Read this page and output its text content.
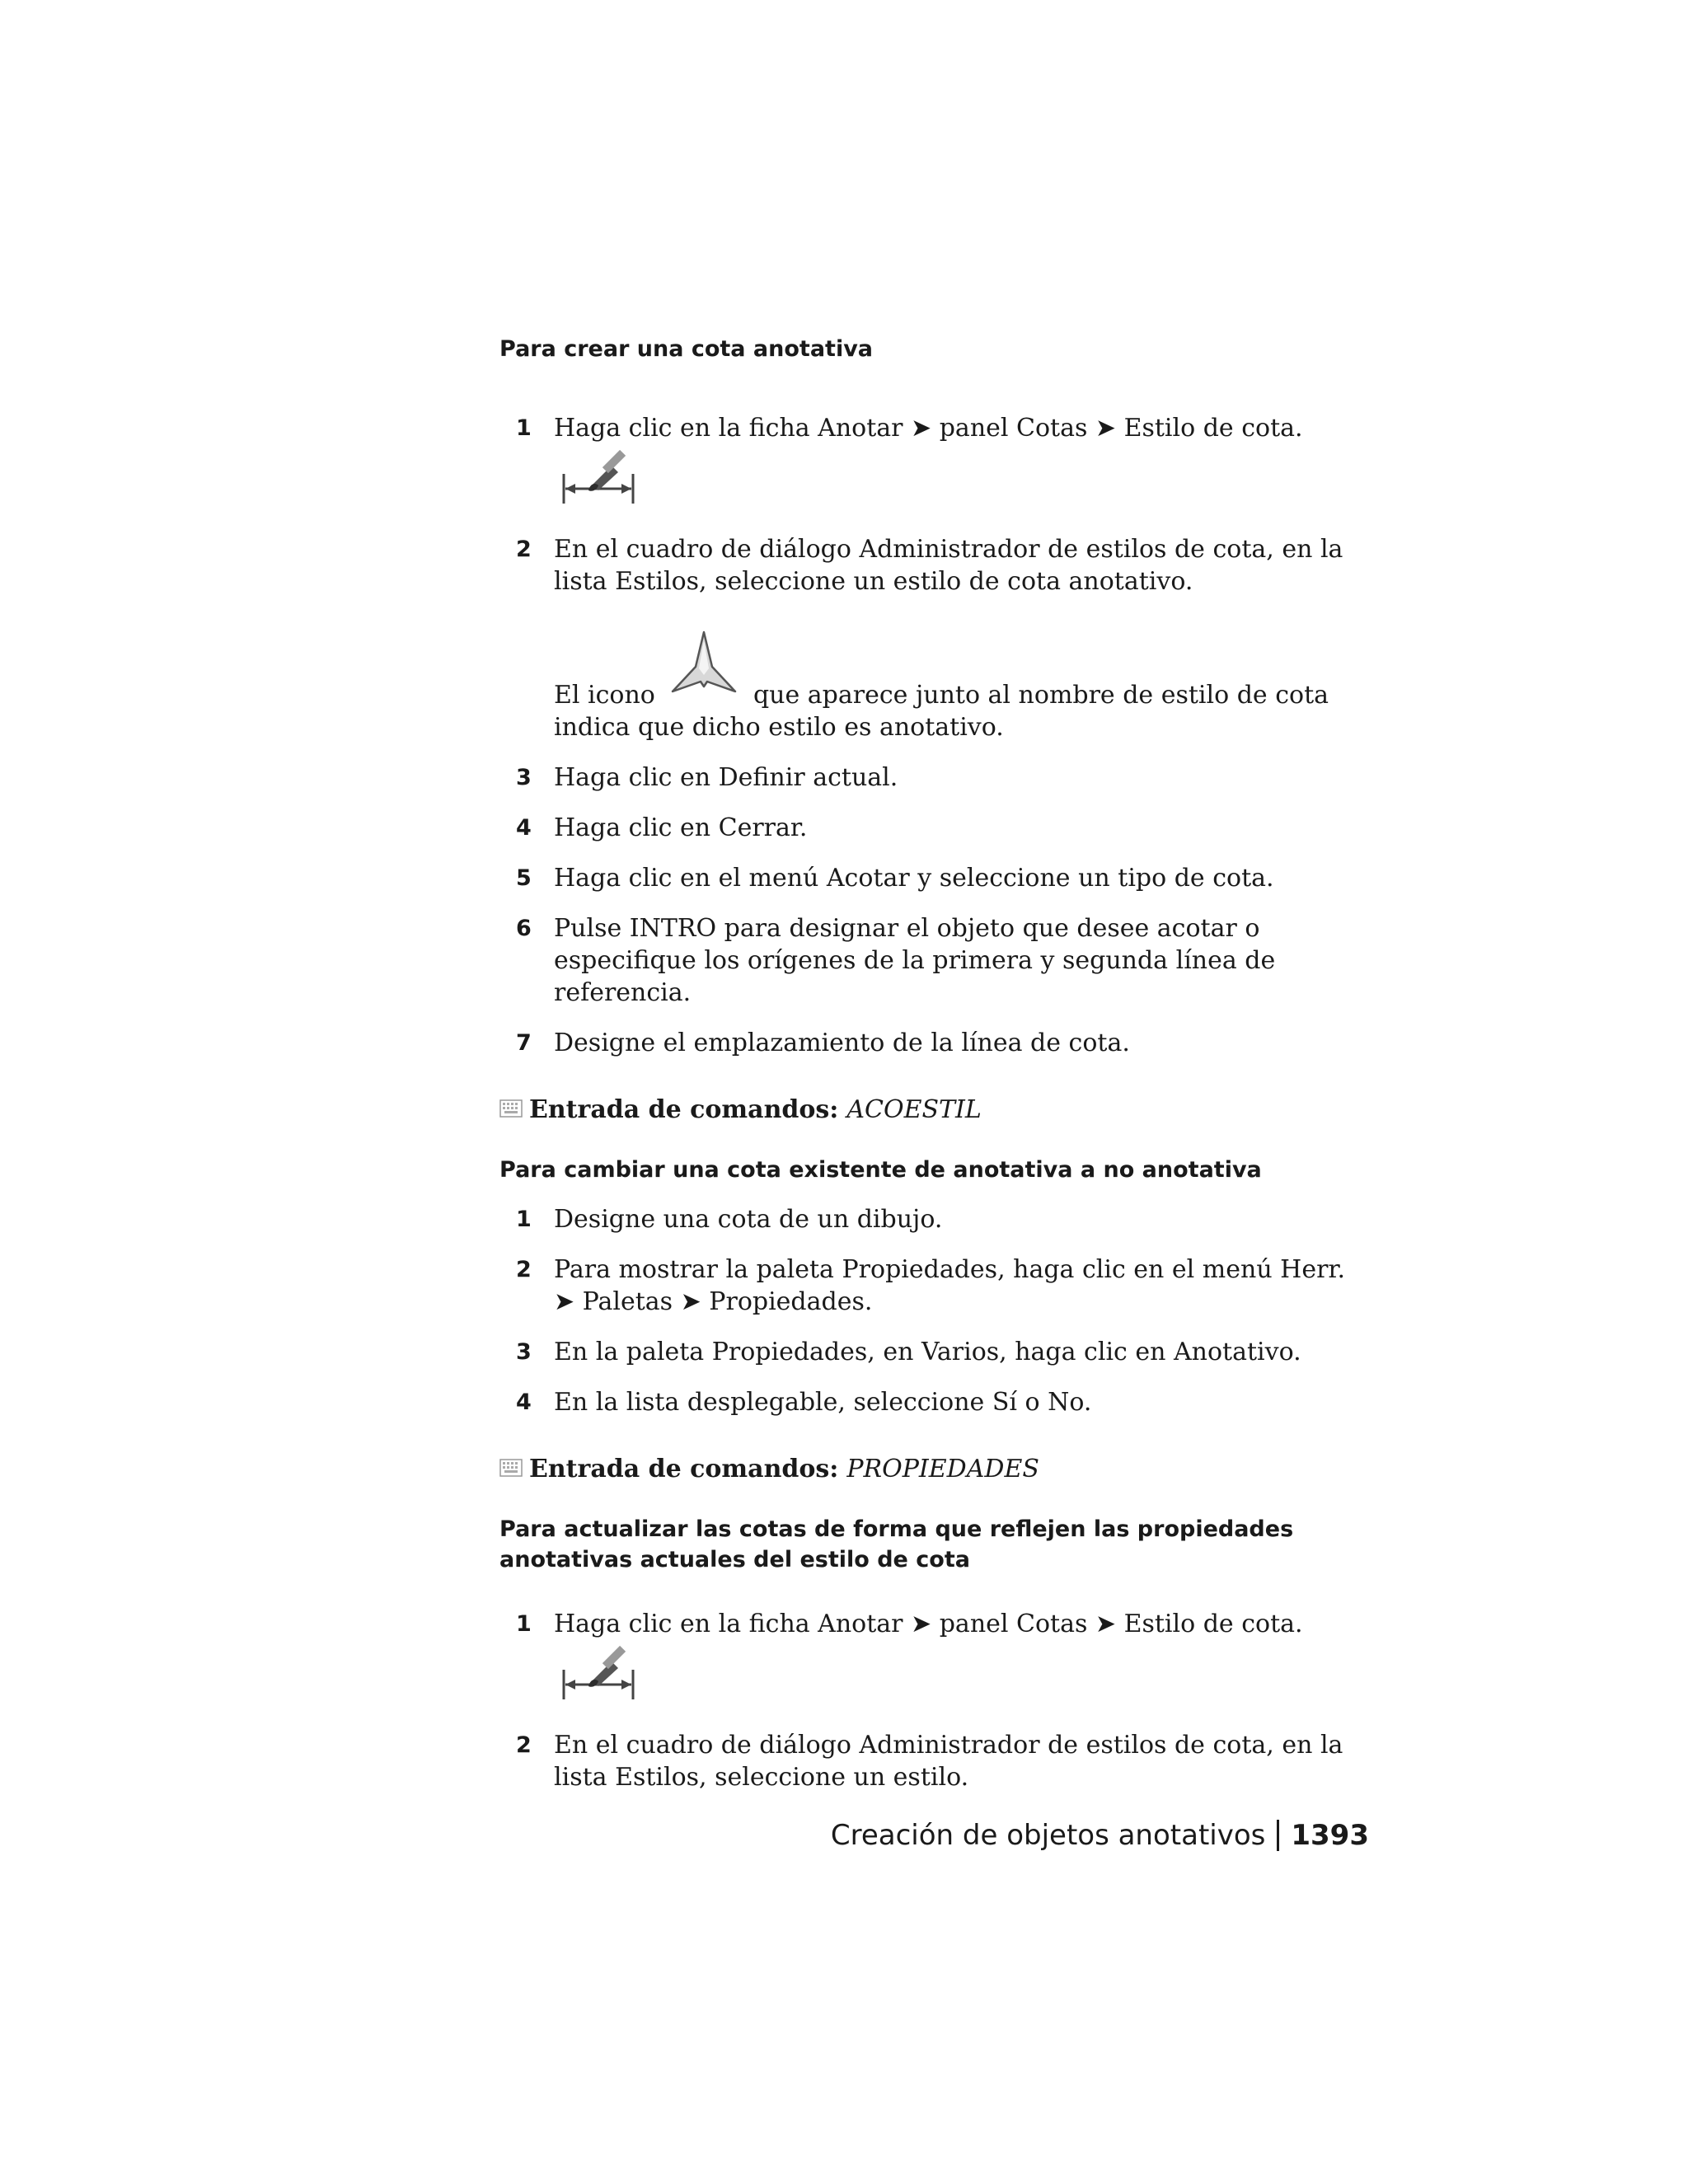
Para crear una cota anotativa
1 Haga clic en la ficha Anotar ➤ panel Cotas ➤ Estilo de cota.
2 En el cuadro de diálogo Administrador de estilos de cota, en la lista Estilos, seleccione un estilo de cota anotativo.
El icono	que aparece junto al nombre de estilo de cota indica que dicho estilo es anotativo.
3 Haga clic en Definir actual.
4 Haga clic en Cerrar.
5 Haga clic en el menú Acotar y seleccione un tipo de cota.
6 Pulse INTRO para designar el objeto que desee acotar o especifique los orígenes de la primera y segunda línea de referencia.
7 Designe el emplazamiento de la línea de cota.

Entrada de comandos: ACOESTIL

Para cambiar una cota existente de anotativa a no anotativa
1 Designe una cota de un dibujo.
2 Para mostrar la paleta Propiedades, haga clic en el menú Herr. ➤ Paletas ➤ Propiedades.
3 En la paleta Propiedades, en Varios, haga clic en Anotativo.
4 En la lista desplegable, seleccione Sí o No.

Entrada de comandos: PROPIEDADES

Para actualizar las cotas de forma que reflejen las propiedades anotativas actuales del estilo de cota
1 Haga clic en la ficha Anotar ➤ panel Cotas ➤ Estilo de cota.
2 En el cuadro de diálogo Administrador de estilos de cota, en la lista Estilos, seleccione un estilo.
Creación de objetos anotativos 1393
